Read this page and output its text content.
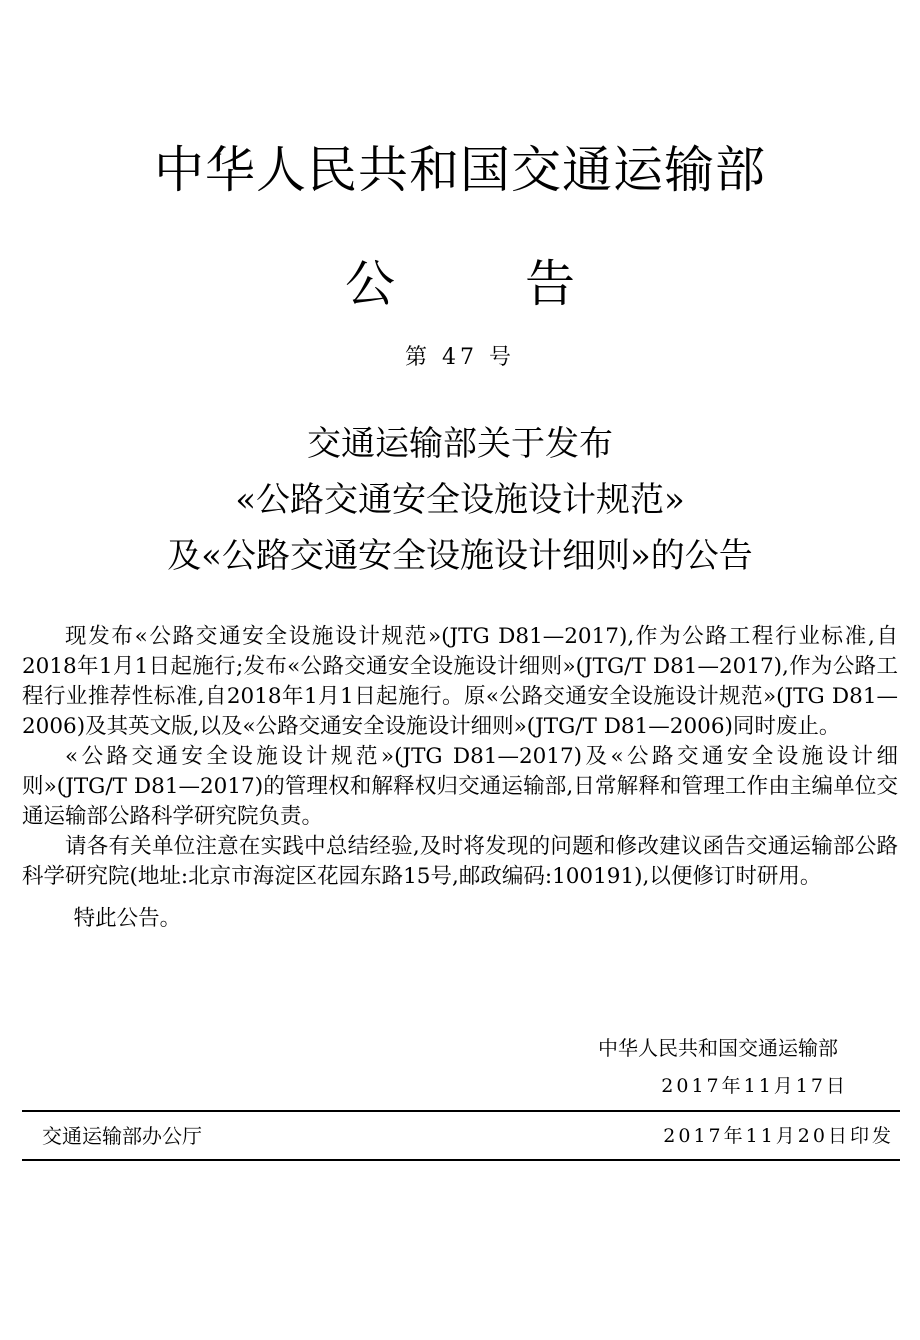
中华人民共和国交通运输部
公	告
第 47 号
交通运输部关于发布
«公路交通安全设施设计规范»
及«公路交通安全设施设计细则»的公告

现发布«公路交通安全设施设计规范»(JTG D81—2017),作为公路工程行业标准,自2018年1月1日起施行;发布«公路交通安全设施设计细则»(JTG/T D81—2017),作为公路工程行业推荐性标准,自2018年1月1日起施行。原«公路交通安全设施设计规范»(JTG D81—2006)及其英文版,以及«公路交通安全设施设计细则»(JTG/T D81—2006)同时废止。

«公路交通安全设施设计规范»(JTG D81—2017)及«公路交通安全设施设计细则»(JTG/T D81—2017)的管理权和解释权归交通运输部,日常解释和管理工作由主编单位交通运输部公路科学研究院负责。

请各有关单位注意在实践中总结经验,及时将发现的问题和修改建议函告交通运输部公路科学研究院(地址:北京市海淀区花园东路15号,邮政编码:100191),以便修订时研用。

特此公告。

中华人民共和国交通运输部
2017年11月17日
交通运输部办公厅	2017年11月20日印发
